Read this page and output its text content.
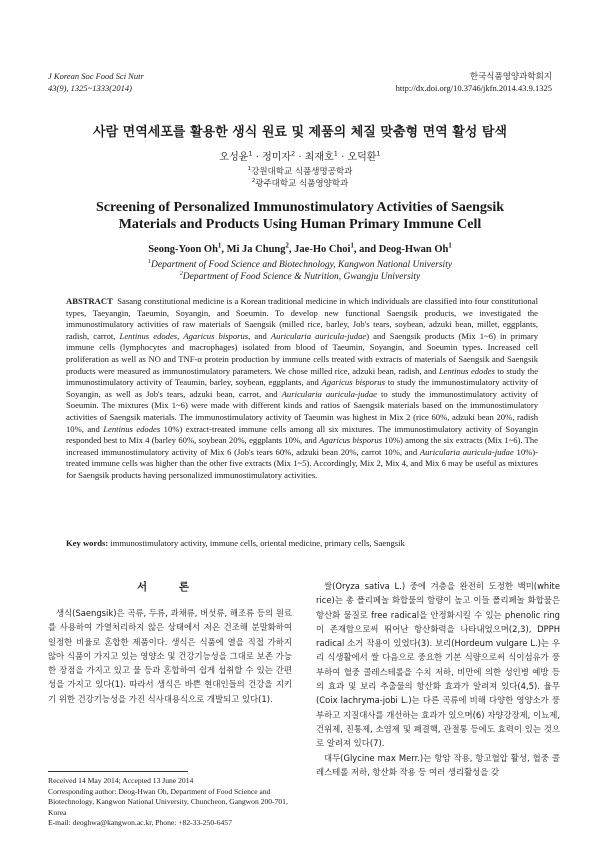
J Korean Soc Food Sci Nutr
43(9), 1325~1333(2014)
한국식품영양과학회지
http://dx.doi.org/10.3746/jkfn.2014.43.9.1325
사람 면역세포를 활용한 생식 원료 및 제품의 체질 맞춤형 면역 활성 탐색
오성윤$^1$ · 정미자$^2$ · 최재호$^1$ · 오덕환$^1$
$^1$강원대학교 식품생명공학과
$^2$광주대학교 식품영양학과
Screening of Personalized Immunostimulatory Activities of Saengsik
Materials and Products Using Human Primary Immune Cell
Seong-Yoon Oh$^1$, Mi Ja Chung$^2$, Jae-Ho Choi$^1$, and Deog-Hwan Oh$^1$
$^1$Department of Food Science and Biotechnology, Kangwon National University
$^2$Department of Food Science & Nutrition, Gwangju University
ABSTRACT Sasang constitutional medicine is a Korean traditional medicine in which individuals are classified into four constitutional types, Taeyangin, Taeumin, Soyangin, and Soeumin. To develop new functional Saengsik products, we investigated the immunostimulatory activities of raw materials of Saengsik (milled rice, barley, Job's tears, soybean, adzuki bean, millet, eggplants, radish, carrot, Lentinus edodes, Agaricus bisporus, and Auricularia auricula-judae) and Saengsik products (Mix 1~6) in primary immune cells (lymphocytes and macrophages) isolated from blood of Taeumin, Soyangin, and Soeumin types. Increased cell proliferation as well as NO and TNF-α protein production by immune cells treated with extracts of materials of Saengsik and Saengsik products were measured as immunostimulatory parameters. We chose milled rice, adzuki bean, radish, and Lentinus edodes to study the immunostimulatory activity of Teaumin, barley, soybean, eggplants, and Agaricus bisporus to study the immunostimulatory activity of Soyangin, as well as Job's tears, adzuki bean, carrot, and Auricularia auricula-judae to study the immunostimulatory activity of Soeumin. The mixtures (Mix 1~6) were made with different kinds and ratios of Saengsik materials based on the immunostimulatory activities of Saengsik materials. The immunostimulatory activity of Taeumin was highest in Mix 2 (rice 60%, adzuki bean 20%, radish 10%, and Lentinus edodes 10%) extract-treated immune cells among all six mixtures. The immunostimulatory activity of Soyangin responded best to Mix 4 (barley 60%, soybean 20%, eggplants 10%, and Agaricus bisporus 10%) among the six extracts (Mix 1~6). The increased immunostimulatory activity of Mix 6 (Job's tears 60%, adzuki bean 20%, carrot 10%, and Auricularia auricula-judae 10%)-treated immune cells was higher than the other five extracts (Mix 1~5). Accordingly, Mix 2, Mix 4, and Mix 6 may be useful as mixtures for Saengsik products having personalized immunostimulatory activities.
Key words: immunostimulatory activity, immune cells, oriental medicine, primary cells, Saengsik
서 론

생식(Saengsik)은 곡류, 두류, 과채류, 버섯류, 해조류 등의 원료를 사용하여 가열처리하지 않은 상태에서 저온 건조해 분말화하여 일정한 비율로 혼합한 제품이다. 생식은 식품에 열을 직접 가하지 않아 식품이 가지고 있는 영양소 및 건강기능성을 그대로 보존 가능한 장점을 가지고 있고 물 등과 혼합하여 쉽게 섭취할 수 있는 간편성을 가지고 있다(1). 따라서 생식은 바쁜 현대인들의 건강을 지키기 위한 건강기능성을 가진 식사대용식으로 개발되고 있다(1).

쌀(Oryza sativa L.) 중에 겨층을 완전히 도정한 백미(white rice)는 총 폴리페놀 화합물의 함량이 높고 이들 폴리페놀 화합물은 항산화 물질로 free radical을 안정화시킬 수 있는 phenolic ring이 존재함으로써 뛰어난 항산화력을 나타내었으며(2,3), DPPH radical 소거 작용이 있었다(3). 보리(Hordeum vulgare L.)는 우리 식생활에서 쌀 다음으로 중요한 기본 식량으로써 식이섬유가 풍부하여 혈중 콜레스테롤을 수치 저하, 비만에 의한 성인병 예방 등의 효과 및 보리 추출물의 항산화 효과가 알려져 있다(4,5). 율무(Coix lachryma-jobi L.)는 다른 곡류에 비해 다양한 영양소가 풍부하고 지질대사를 개선하는 효과가 있으며(6) 자양강장제, 이뇨제, 건위제, 진통제, 소염제 및 폐결핵, 관절통 등에도 효력이 있는 것으로 알려져 있다(7).

대두(Glycine max Merr.)는 항암 작용, 항고혈압 활성, 혈중 콜레스테롤 저하, 항산화 작용 등 여러 생리활성을 갖

Received 14 May 2014; Accepted 13 June 2014
Corresponding author: Deog-Hwan Oh, Department of Food Science and Biotechnology, Kangwon National University, Chuncheon, Gangwon 200-701, Korea
E-mail: deoghwa@kangwon.ac.kr, Phone: +82-33-250-6457
